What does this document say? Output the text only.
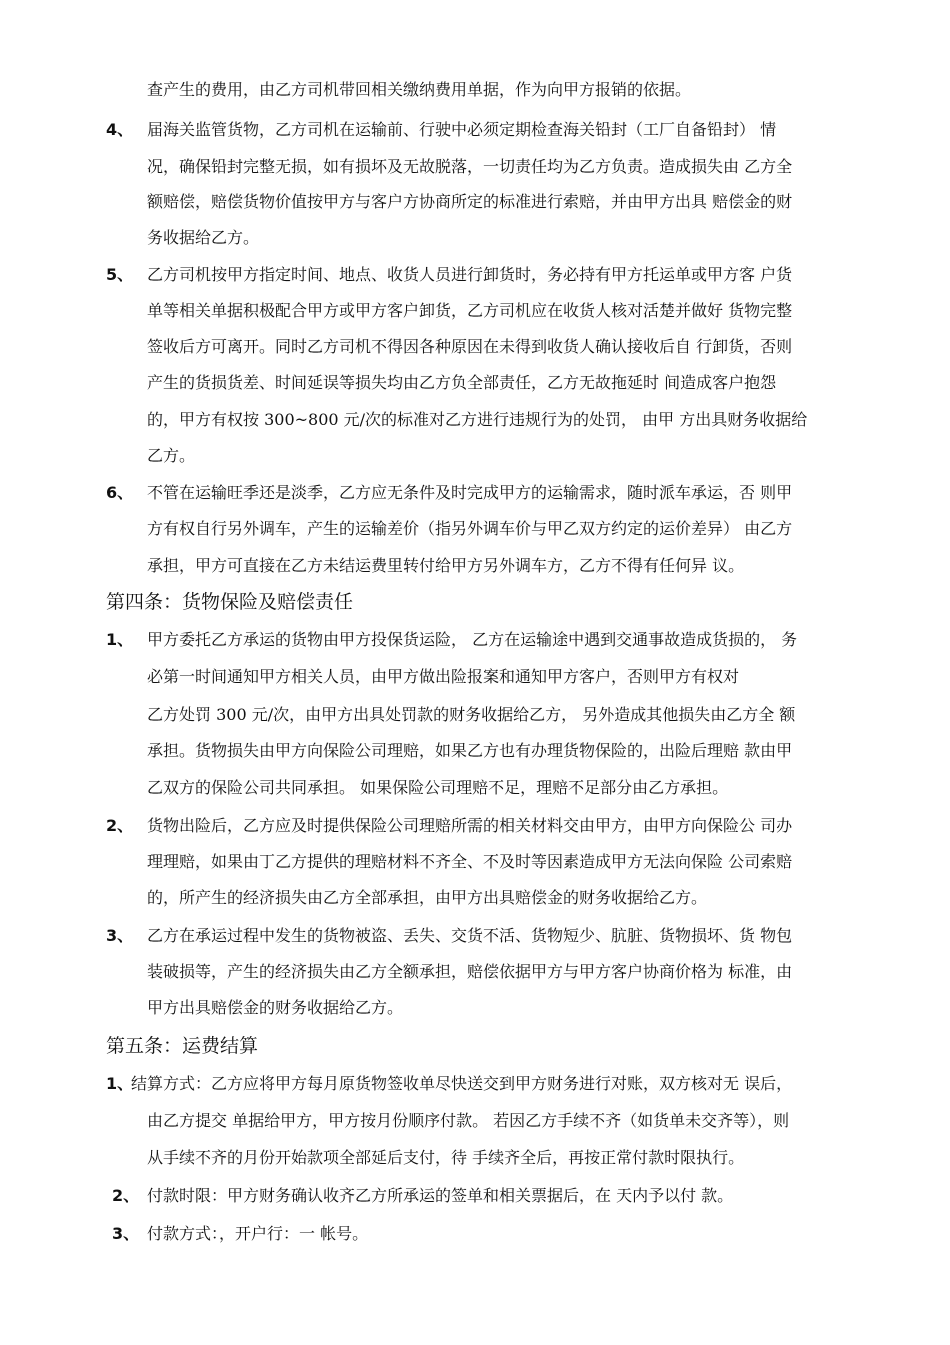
查产生的费用，由乙方司机带回相关缴纳费用单据，作为向甲方报销的依据。
4、 届海关监管货物，乙方司机在运输前、行驶中必须定期检查海关铅封（工厂自备铅封） 情
况，确保铅封完整无损，如有损坏及无故脱落，一切责任均为乙方负责。造成损失由 乙方全
额赔偿，赔偿货物价值按甲方与客户方协商所定的标准进行索赔，并由甲方出具 赔偿金的财
务收据给乙方。
5、 乙方司机按甲方指定时间、地点、收货人员进行卸货时，务必持有甲方托运单或甲方客 户货
单等相关单据积极配合甲方或甲方客户卸货，乙方司机应在收货人核对活楚并做好 货物完整
签收后方可离开。同时乙方司机不得因各种原因在未得到收货人确认接收后自 行卸货，否则
产生的货损货差、时间延误等损失均由乙方负全部责任，乙方无故拖延时 间造成客户抱怨
的，甲方有权按 300~800 元/次的标准对乙方进行违规行为的处罚， 由甲 方出具财务收据给
乙方。
6、 不管在运输旺季还是淡季，乙方应无条件及时完成甲方的运输需求，随时派车承运，否 则甲
方有权自行另外调车，产生的运输差价（指另外调车价与甲乙双方约定的运价差异） 由乙方
承担，甲方可直接在乙方未结运费里转付给甲方另外调车方，乙方不得有任何异 议。
第四条：货物保险及赔偿责任
1、 甲方委托乙方承运的货物由甲方投保货运险， 乙方在运输途中遇到交通事故造成货损的， 务
必第一时间通知甲方相关人员，由甲方做出险报案和通知甲方客户，否则甲方有权对
乙方处罚 300 元/次，由甲方出具处罚款的财务收据给乙方， 另外造成其他损失由乙方全 额
承担。货物损失由甲方向保险公司理赔，如果乙方也有办理货物保险的，出险后理赔 款由甲
乙双方的保险公司共同承担。 如果保险公司理赔不足，理赔不足部分由乙方承担。
2、 货物出险后，乙方应及时提供保险公司理赔所需的相关材料交由甲方，由甲方向保险公 司办
理理赔，如果由丁乙方提供的理赔材料不齐全、不及时等因素造成甲方无法向保险 公司索赔
的，所产生的经济损失由乙方全部承担，由甲方出具赔偿金的财务收据给乙方。
3、 乙方在承运过程中发生的货物被盗、丢失、交货不活、货物短少、肮脏、货物损坏、货 物包
装破损等，产生的经济损失由乙方全额承担，赔偿依据甲方与甲方客户协商价格为 标准，由
甲方出具赔偿金的财务收据给乙方。
第五条：运费结算
1、
结算方式：乙方应将甲方每月原货物签收单尽快送交到甲方财务进行对账，双方核对无 误后，
由乙方提交 单据给甲方，甲方按月份顺序付款。 若因乙方手续不齐（如货单未交齐等），则
从手续不齐的月份开始款项全部延后支付，待 手续齐全后，再按正常付款时限执行。
2、 付款时限：甲方财务确认收齐乙方所承运的签单和相关票据后，在 天内予以付 款。
3、 付款方式：，开户行：一 帐号。
